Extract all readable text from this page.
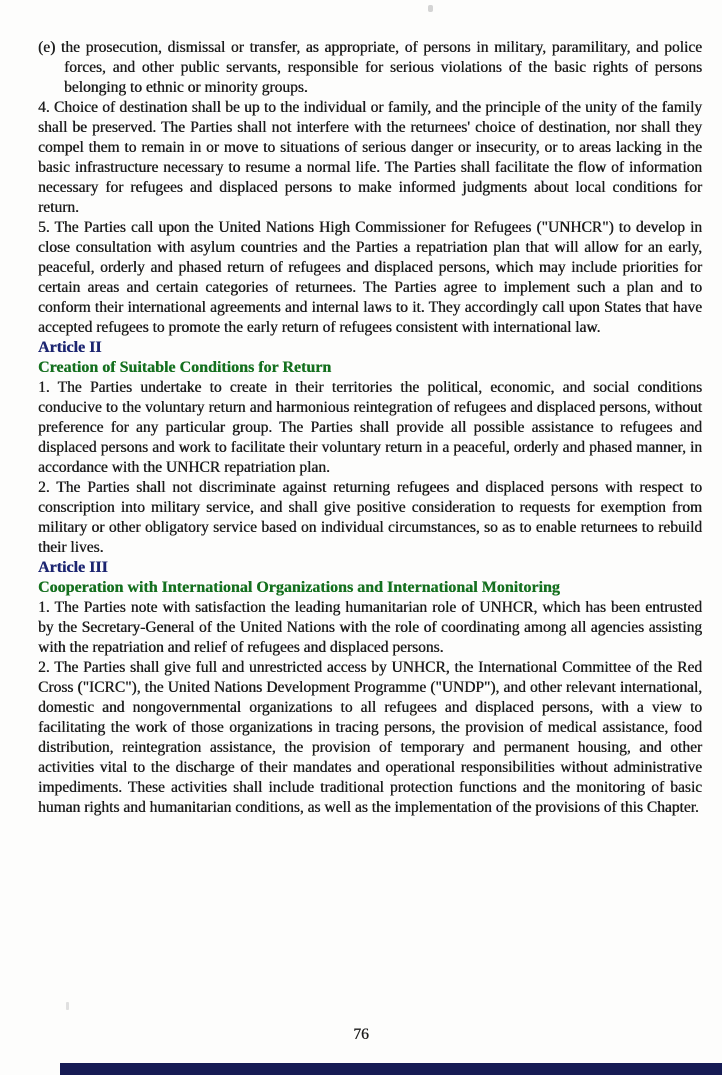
(e) the prosecution, dismissal or transfer, as appropriate, of persons in military, paramilitary, and police forces, and other public servants, responsible for serious violations of the basic rights of persons belonging to ethnic or minority groups.

4. Choice of destination shall be up to the individual or family, and the principle of the unity of the family shall be preserved. The Parties shall not interfere with the returnees' choice of destination, nor shall they compel them to remain in or move to situations of serious danger or insecurity, or to areas lacking in the basic infrastructure necessary to resume a normal life. The Parties shall facilitate the flow of information necessary for refugees and displaced persons to make informed judgments about local conditions for return.

5. The Parties call upon the United Nations High Commissioner for Refugees ("UNHCR") to develop in close consultation with asylum countries and the Parties a repatriation plan that will allow for an early, peaceful, orderly and phased return of refugees and displaced persons, which may include priorities for certain areas and certain categories of returnees. The Parties agree to implement such a plan and to conform their international agreements and internal laws to it. They accordingly call upon States that have accepted refugees to promote the early return of refugees consistent with international law.

Article II

Creation of Suitable Conditions for Return

1. The Parties undertake to create in their territories the political, economic, and social conditions conducive to the voluntary return and harmonious reintegration of refugees and displaced persons, without preference for any particular group. The Parties shall provide all possible assistance to refugees and displaced persons and work to facilitate their voluntary return in a peaceful, orderly and phased manner, in accordance with the UNHCR repatriation plan.

2. The Parties shall not discriminate against returning refugees and displaced persons with respect to conscription into military service, and shall give positive consideration to requests for exemption from military or other obligatory service based on individual circumstances, so as to enable returnees to rebuild their lives.

Article III

Cooperation with International Organizations and International Monitoring

1. The Parties note with satisfaction the leading humanitarian role of UNHCR, which has been entrusted by the Secretary-General of the United Nations with the role of coordinating among all agencies assisting with the repatriation and relief of refugees and displaced persons.

2. The Parties shall give full and unrestricted access by UNHCR, the International Committee of the Red Cross ("ICRC"), the United Nations Development Programme ("UNDP"), and other relevant international, domestic and nongovernmental organizations to all refugees and displaced persons, with a view to facilitating the work of those organizations in tracing persons, the provision of medical assistance, food distribution, reintegration assistance, the provision of temporary and permanent housing, and other activities vital to the discharge of their mandates and operational responsibilities without administrative impediments. These activities shall include traditional protection functions and the monitoring of basic human rights and humanitarian conditions, as well as the implementation of the provisions of this Chapter.

76
